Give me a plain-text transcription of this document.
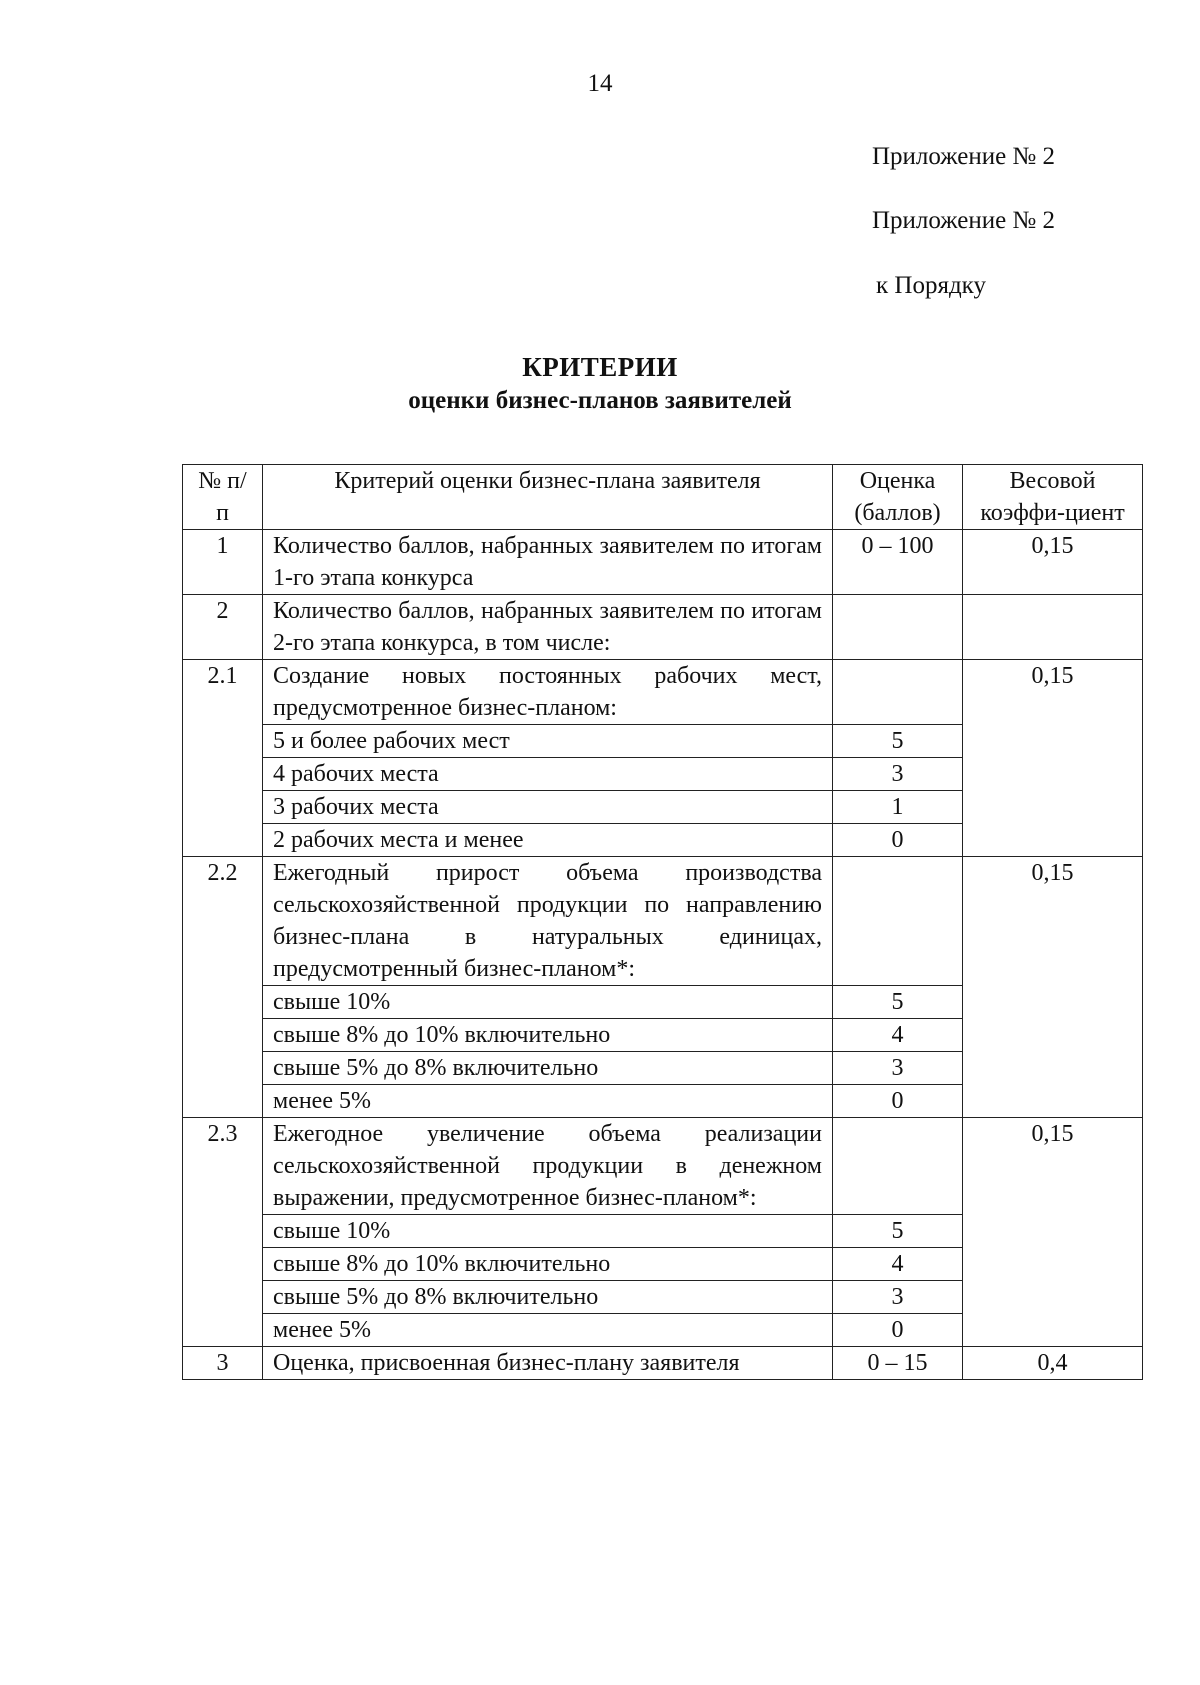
14
Приложение № 2
Приложение № 2
к Порядку
КРИТЕРИИ
оценки бизнес-планов заявителей
№ п/п	Критерий оценки бизнес-плана заявителя	Оценка (баллов)	Весовой коэффи-циент
1	Количество баллов, набранных заявителем по итогам 1-го этапа конкурса	0 – 100	0,15
2	Количество баллов, набранных заявителем по итогам 2-го этапа конкурса, в том числе:		
2.1	Создание новых постоянных рабочих мест, предусмотренное бизнес-планом:		0,15
	5 и более рабочих мест	5	
	4 рабочих места	3	
	3 рабочих места	1	
	2 рабочих места и менее	0	
2.2	Ежегодный прирост объема производства сельскохозяйственной продукции по направлению бизнес-плана в натуральных единицах, предусмотренный бизнес-планом*:		0,15
	свыше 10%	5	
	свыше 8% до 10% включительно	4	
	свыше 5% до 8% включительно	3	
	менее 5%	0	
2.3	Ежегодное увеличение объема реализации сельскохозяйственной продукции в денежном выражении, предусмотренное бизнес-планом*:		0,15
	свыше 10%	5	
	свыше 8% до 10% включительно	4	
	свыше 5% до 8% включительно	3	
	менее 5%	0	
3	Оценка, присвоенная бизнес-плану заявителя	0 – 15	0,4
